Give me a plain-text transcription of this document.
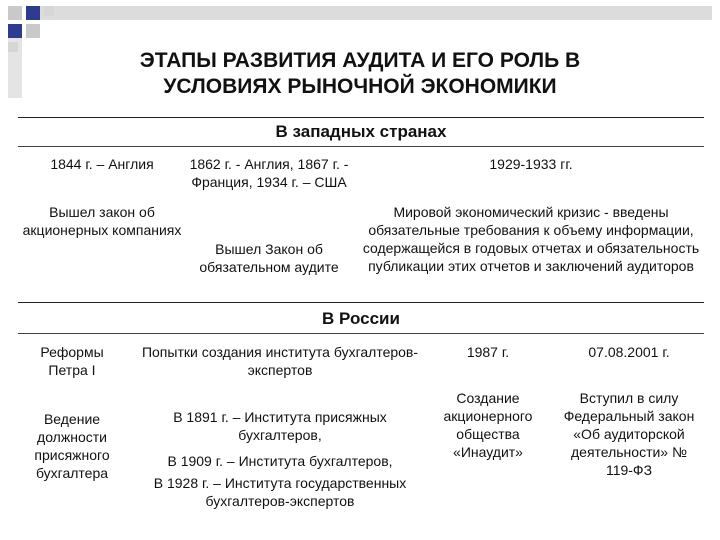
ЭТАПЫ РАЗВИТИЯ АУДИТА И ЕГО РОЛЬ В
УСЛОВИЯХ РЫНОЧНОЙ ЭКОНОМИКИ
В западных странах
1844 г. – Англия
Вышел закон об акционерных компаниях
1862 г. - Англия, 1867 г. - Франция, 1934 г. – США
Вышел Закон об обязательном аудите
1929-1933 гг.
Мировой экономический кризис - введены обязательные требования к объему информации, содержащейся в годовых отчетах и обязательность публикации этих отчетов и заключений аудиторов
В России
Реформы Петра I
Ведение должности присяжного бухгалтера
Попытки создания института бухгалтеров-экспертов
В 1891 г. – Института присяжных бухгалтеров,
В 1909 г. – Института бухгалтеров,
В 1928 г. – Института государственных бухгалтеров-экспертов
1987 г.
Создание акционерного общества «Инаудит»
07.08.2001 г.
Вступил в силу Федеральный закон «Об аудиторской деятельности» № 119-ФЗ
